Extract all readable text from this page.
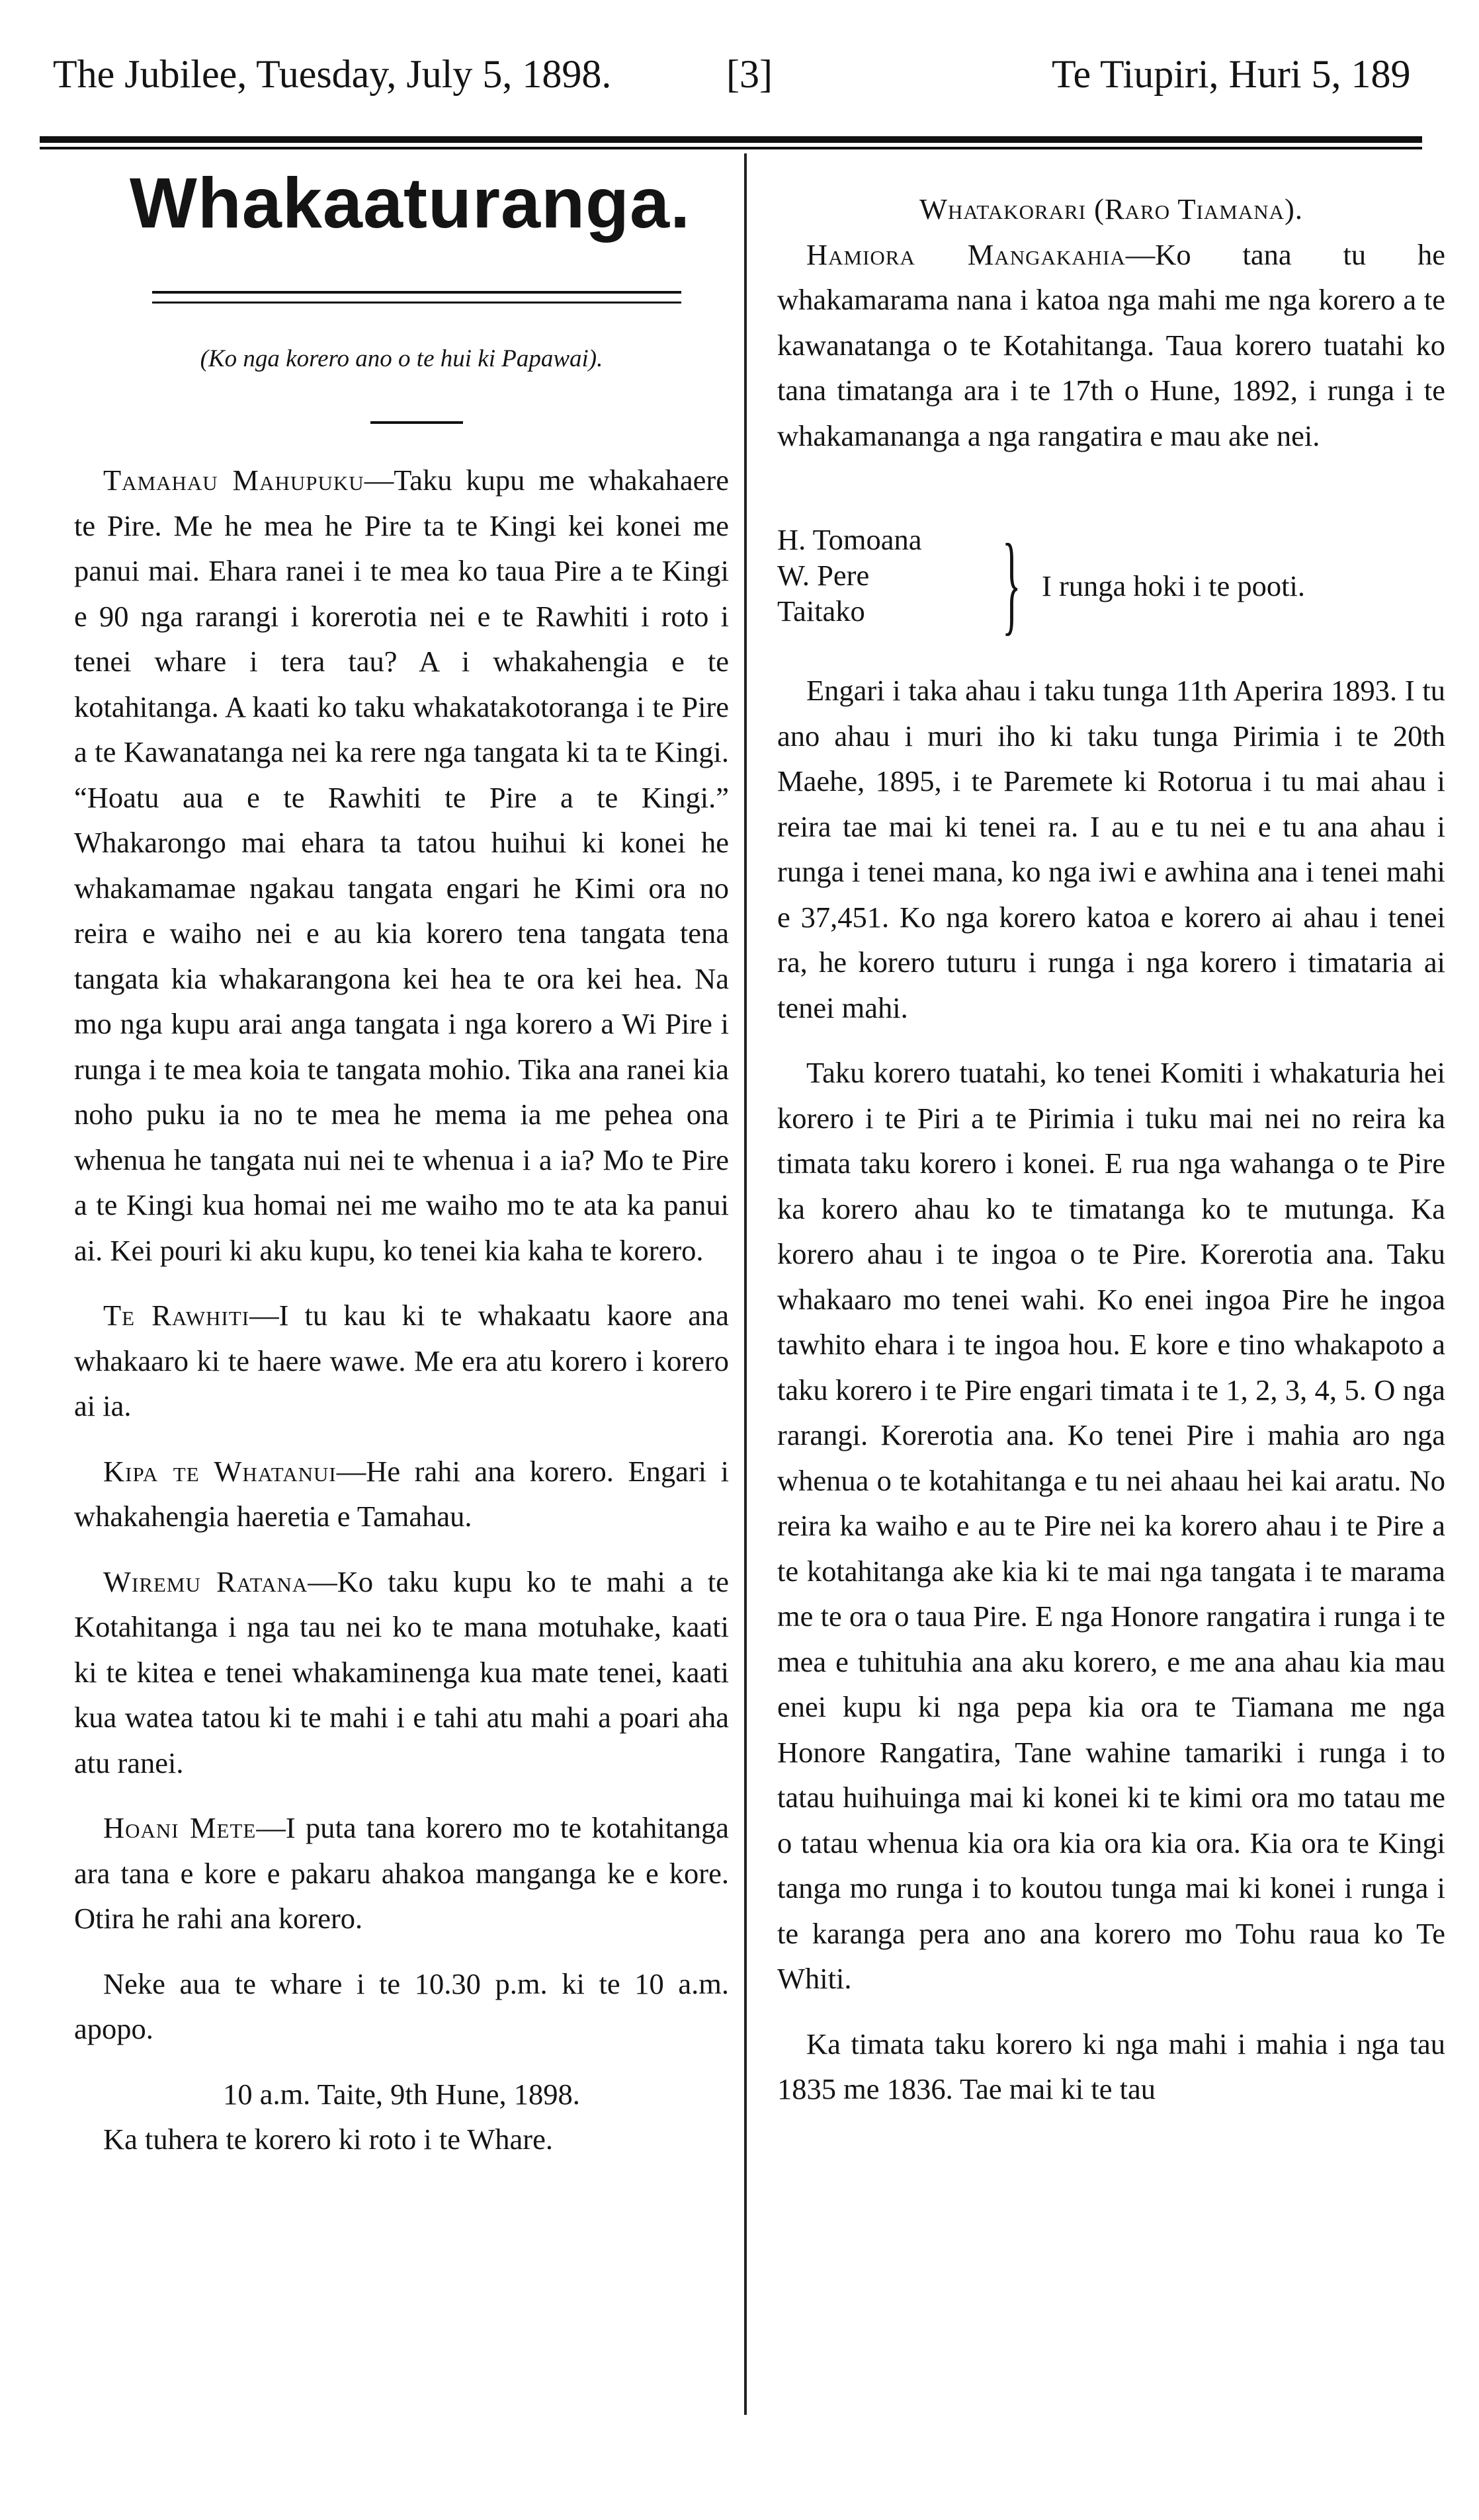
The Jubilee, Tuesday, July 5, 1898.	[3]	Te Tiupiri, Huri 5, 189
Whakaaturanga.
(Ko nga korero ano o te hui ki Papawai).

Tamahau Mahupuku—Taku kupu me whakahaere te Pire. Me he mea he Pire ta te Kingi kei konei me panui mai. Ehara ranei i te mea ko taua Pire a te Kingi e 90 nga rarangi i korerotia nei e te Rawhiti i roto i tenei whare i tera tau? A i whakahengia e te kotahitanga. A kaati ko taku whakatakotoranga i te Pire a te Kawanatanga nei ka rere nga tangata ki ta te Kingi. “Hoatu aua e te Rawhiti te Pire a te Kingi.” Whakarongo mai ehara ta tatou huihui ki konei he whakamamae ngakau tangata engari he Kimi ora no reira e waiho nei e au kia korero tena tangata tena tangata kia whakarangona kei hea te ora kei hea. Na mo nga kupu arai anga tangata i nga korero a Wi Pire i runga i te mea koia te tangata mohio. Tika ana ranei kia noho puku ia no te mea he mema ia me pehea ona whenua he tangata nui nei te whenua i a ia? Mo te Pire a te Kingi kua homai nei me waiho mo te ata ka panui ai. Kei pouri ki aku kupu, ko tenei kia kaha te korero.

Te Rawhiti—I tu kau ki te whakaatu kaore ana whakaaro ki te haere wawe. Me era atu korero i korero ai ia.

Kipa te Whatanui—He rahi ana korero. Engari i whakahengia haeretia e Tamahau.

Wiremu Ratana—Ko taku kupu ko te mahi a te Kotahitanga i nga tau nei ko te mana motuhake, kaati ki te kitea e tenei whakaminenga kua mate tenei, kaati kua watea tatou ki te mahi i e tahi atu mahi a poari aha atu ranei.

Hoani Mete—I puta tana korero mo te kotahitanga ara tana e kore e pakaru ahakoa manganga ke e kore. Otira he rahi ana korero.

Neke aua te whare i te 10.30 p.m. ki te 10 a.m. apopo.

10 a.m. Taite, 9th Hune, 1898.

Ka tuhera te korero ki roto i te Whare.

Whatakorari (Raro Tiamana).

Hamiora Mangakahia—Ko tana tu he whakamarama nana i katoa nga mahi me nga korero a te kawanatanga o te Kotahitanga. Taua korero tuatahi ko tana timatanga ara i te 17th o Hune, 1892, i runga i te whakamananga a nga rangatira e mau ake nei.

H. Tomoana
W. Pere
Taitako } I runga hoki i te pooti.

Engari i taka ahau i taku tunga 11th Aperira 1893. I tu ano ahau i muri iho ki taku tunga Pirimia i te 20th Maehe, 1895, i te Paremete ki Rotorua i tu mai ahau i reira tae mai ki tenei ra. I au e tu nei e tu ana ahau i runga i tenei mana, ko nga iwi e awhina ana i tenei mahi e 37,451. Ko nga korero katoa e korero ai ahau i tenei ra, he korero tuturu i runga i nga korero i timataria ai tenei mahi.

Taku korero tuatahi, ko tenei Komiti i whakaturia hei korero i te Piri a te Pirimia i tuku mai nei no reira ka timata taku korero i konei. E rua nga wahanga o te Pire ka korero ahau ko te timatanga ko te mutunga. Ka korero ahau i te ingoa o te Pire. Korerotia ana. Taku whakaaro mo tenei wahi. Ko enei ingoa Pire he ingoa tawhito ehara i te ingoa hou. E kore e tino whakapoto a taku korero i te Pire engari timata i te 1, 2, 3, 4, 5. O nga rarangi. Korerotia ana. Ko tenei Pire i mahia aro nga whenua o te kotahitanga e tu nei ahaau hei kai aratu. No reira ka waiho e au te Pire nei ka korero ahau i te Pire a te kotahitanga ake kia ki te mai nga tangata i te marama me te ora o taua Pire. E nga Honore rangatira i runga i te mea e tuhituhia ana aku korero, e me ana ahau kia mau enei kupu ki nga pepa kia ora te Tiamana me nga Honore Rangatira, Tane wahine tamariki i runga i to tatau huihuinga mai ki konei ki te kimi ora mo tatau me o tatau whenua kia ora kia ora kia ora. Kia ora te Kingi tanga mo runga i to koutou tunga mai ki konei i runga i te karanga pera ano ana korero mo Tohu raua ko Te Whiti.

Ka timata taku korero ki nga mahi i mahia i nga tau 1835 me 1836. Tae mai ki te tau
